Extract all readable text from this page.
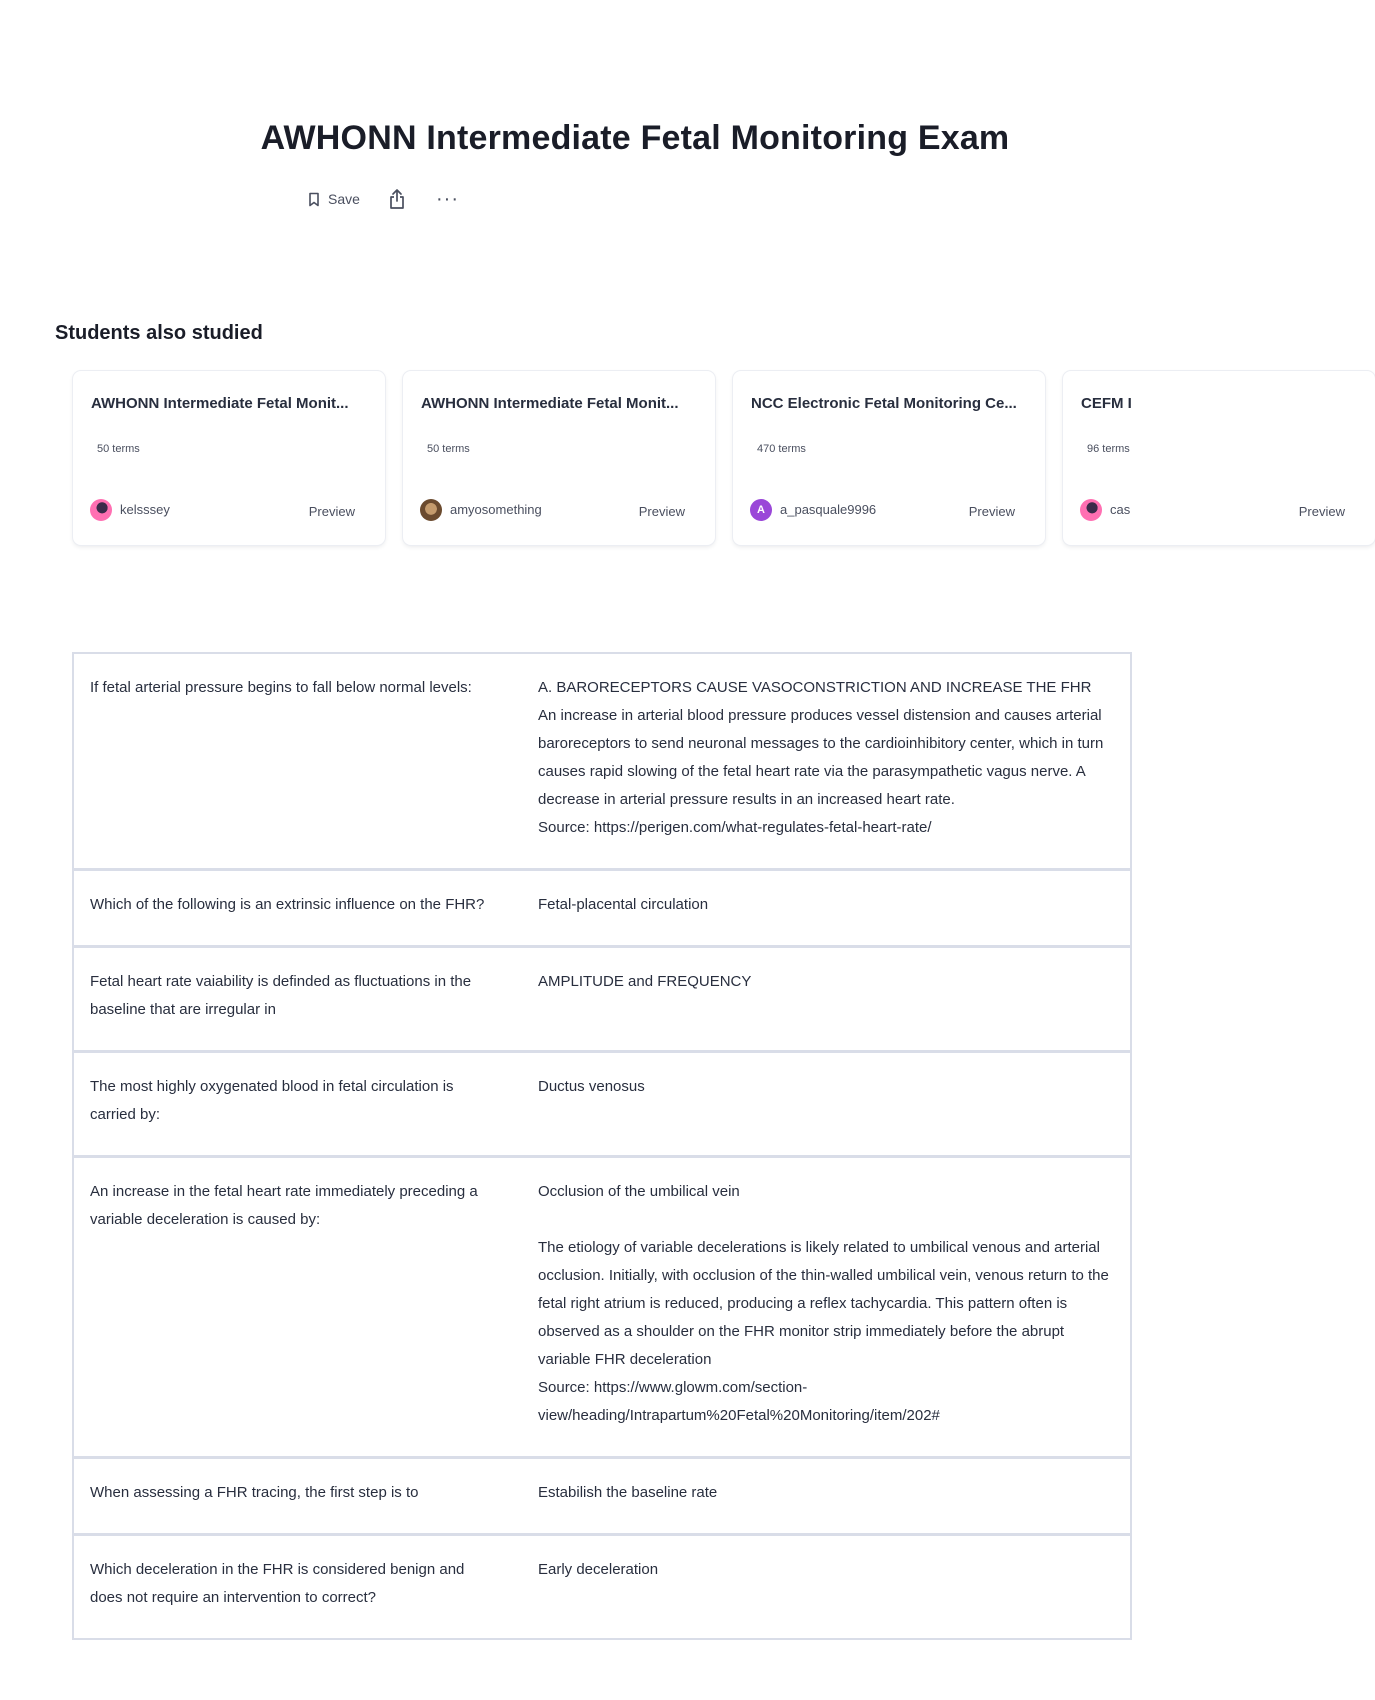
AWHONN Intermediate Fetal Monitoring Exam
Save	···
Students also studied
AWHONN Intermediate Fetal Monit...
50 terms
kelsssey	Preview
AWHONN Intermediate Fetal Monit...
50 terms
amyosomething	Preview
NCC Electronic Fetal Monitoring Ce...
470 terms
A	a_pasquale9996	Preview
CEFM I
96 terms
cas	Preview
If fetal arterial pressure begins to fall below normal levels:	A. BARORECEPTORS CAUSE VASOCONSTRICTION AND INCREASE THE FHR
An increase in arterial blood pressure produces vessel distension and causes arterial baroreceptors to send neuronal messages to the cardioinhibitory center, which in turn causes rapid slowing of the fetal heart rate via the parasympathetic vagus nerve. A decrease in arterial pressure results in an increased heart rate.
Source: https://perigen.com/what-regulates-fetal-heart-rate/

Which of the following is an extrinsic influence on the FHR?	Fetal-placental circulation

Fetal heart rate vaiability is definded as fluctuations in the baseline that are irregular in	AMPLITUDE and FREQUENCY

The most highly oxygenated blood in fetal circulation is carried by:	Ductus venosus

An increase in the fetal heart rate immediately preceding a variable deceleration is caused by:	Occlusion of the umbilical vein
The etiology of variable decelerations is likely related to umbilical venous and arterial occlusion. Initially, with occlusion of the thin-walled umbilical vein, venous return to the fetal right atrium is reduced, producing a reflex tachycardia. This pattern often is observed as a shoulder on the FHR monitor strip immediately before the abrupt variable FHR deceleration
Source: https://www.glowm.com/section-view/heading/Intrapartum%20Fetal%20Monitoring/item/202#

When assessing a FHR tracing, the first step is to	Estabilish the baseline rate

Which deceleration in the FHR is considered benign and does not require an intervention to correct?	Early deceleration
